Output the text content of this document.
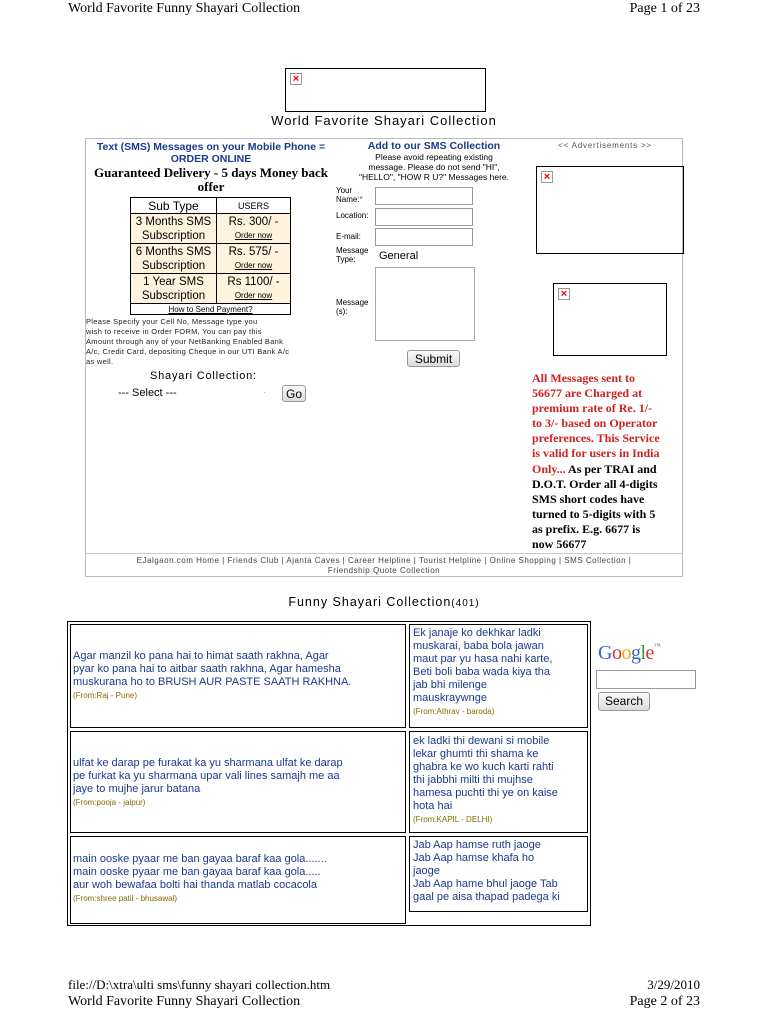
World Favorite Funny Shayari Collection	Page 1 of 23
×
World Favorite Shayari Collection
Text (SMS) Messages on your Mobile Phone =
ORDER ONLINE
Guaranteed Delivery - 5 days Money back offer
Sub Type	USERS
3 Months SMS
Subscription	Rs. 300/ -
Order now
6 Months SMS
Subscription	Rs. 575/ -
Order now
1 Year SMS
Subscription	Rs 1100/ -
Order now
How to Send Payment?	
Please Specify your Cell No, Message type you
wish to receive in Order FORM, You can pay this
Amount through any of your NetBanking Enabled Bank
A/c, Credit Card, depositing Cheque in our UTI Bank A/c
as well.
Shayari Collection:
--- Select ---	·	Go
Add to our SMS Collection
Please avoid repeating existing
message. Please do not send "HI",
"HELLO", "HOW R U?" Messages here.
Your
Name:*
Location:
E-mail:
Message
Type:	General
Message
(s):
Submit
<< Advertisements >>
×
×
All Messages sent to
56677 are Charged at
premium rate of Re. 1/-
to 3/- based on Operator
preferences. This Service
is valid for users in India
Only... As per TRAI and
D.O.T. Order all 4-digits
SMS short codes have
turned to 5-digits with 5
as prefix. E.g. 6677 is
now 56677
EJalgaon.com Home | Friends Club | Ajanta Caves | Career Helpline | Tourist Helpline | Online Shopping | SMS Collection |
Friendship Quote Collection
Funny Shayari Collection(401)
Agar manzil ko pana hai to himat saath rakhna, Agar
pyar ko pana hai to aitbar saath rakhna, Agar hamesha
muskurana ho to BRUSH AUR PASTE SAATH RAKHNA.
(From:Raj - Pune)
Ek janaje ko dekhkar ladki
muskarai, baba bola jawan
maut par yu hasa nahi karte,
Beti boli baba wada kiya tha
jab bhi milenge
mauskraywnge
(From:Athrav - baroda)
ulfat ke darap pe furakat ka yu sharmana ulfat ke darap
pe furkat ka yu sharmana upar vali lines samajh me aa
jaye to mujhe jarur batana
(From:pooja - jaipur)
ek ladki thi dewani si mobile
lekar ghumti thi shama ke
ghabra ke wo kuch karti rahti
thi jabbhi milti thi mujhse
hamesa puchti thi ye on kaise
hota hai
(From:KAPIL - DELHI)
main ooske pyaar me ban gayaa baraf kaa gola.......
main ooske pyaar me ban gayaa baraf kaa gola.....
aur woh bewafaa bolti hai thanda matlab cocacola
(From:shree patil - bhusawal)
Jab Aap hamse ruth jaoge
Jab Aap hamse khafa ho
jaoge
Jab Aap hame bhul jaoge Tab
gaal pe aisa thapad padega ki
Google™
Search
file://D:\xtra\ulti sms\funny shayari collection.htm	3/29/2010
World Favorite Funny Shayari Collection	Page 2 of 23
